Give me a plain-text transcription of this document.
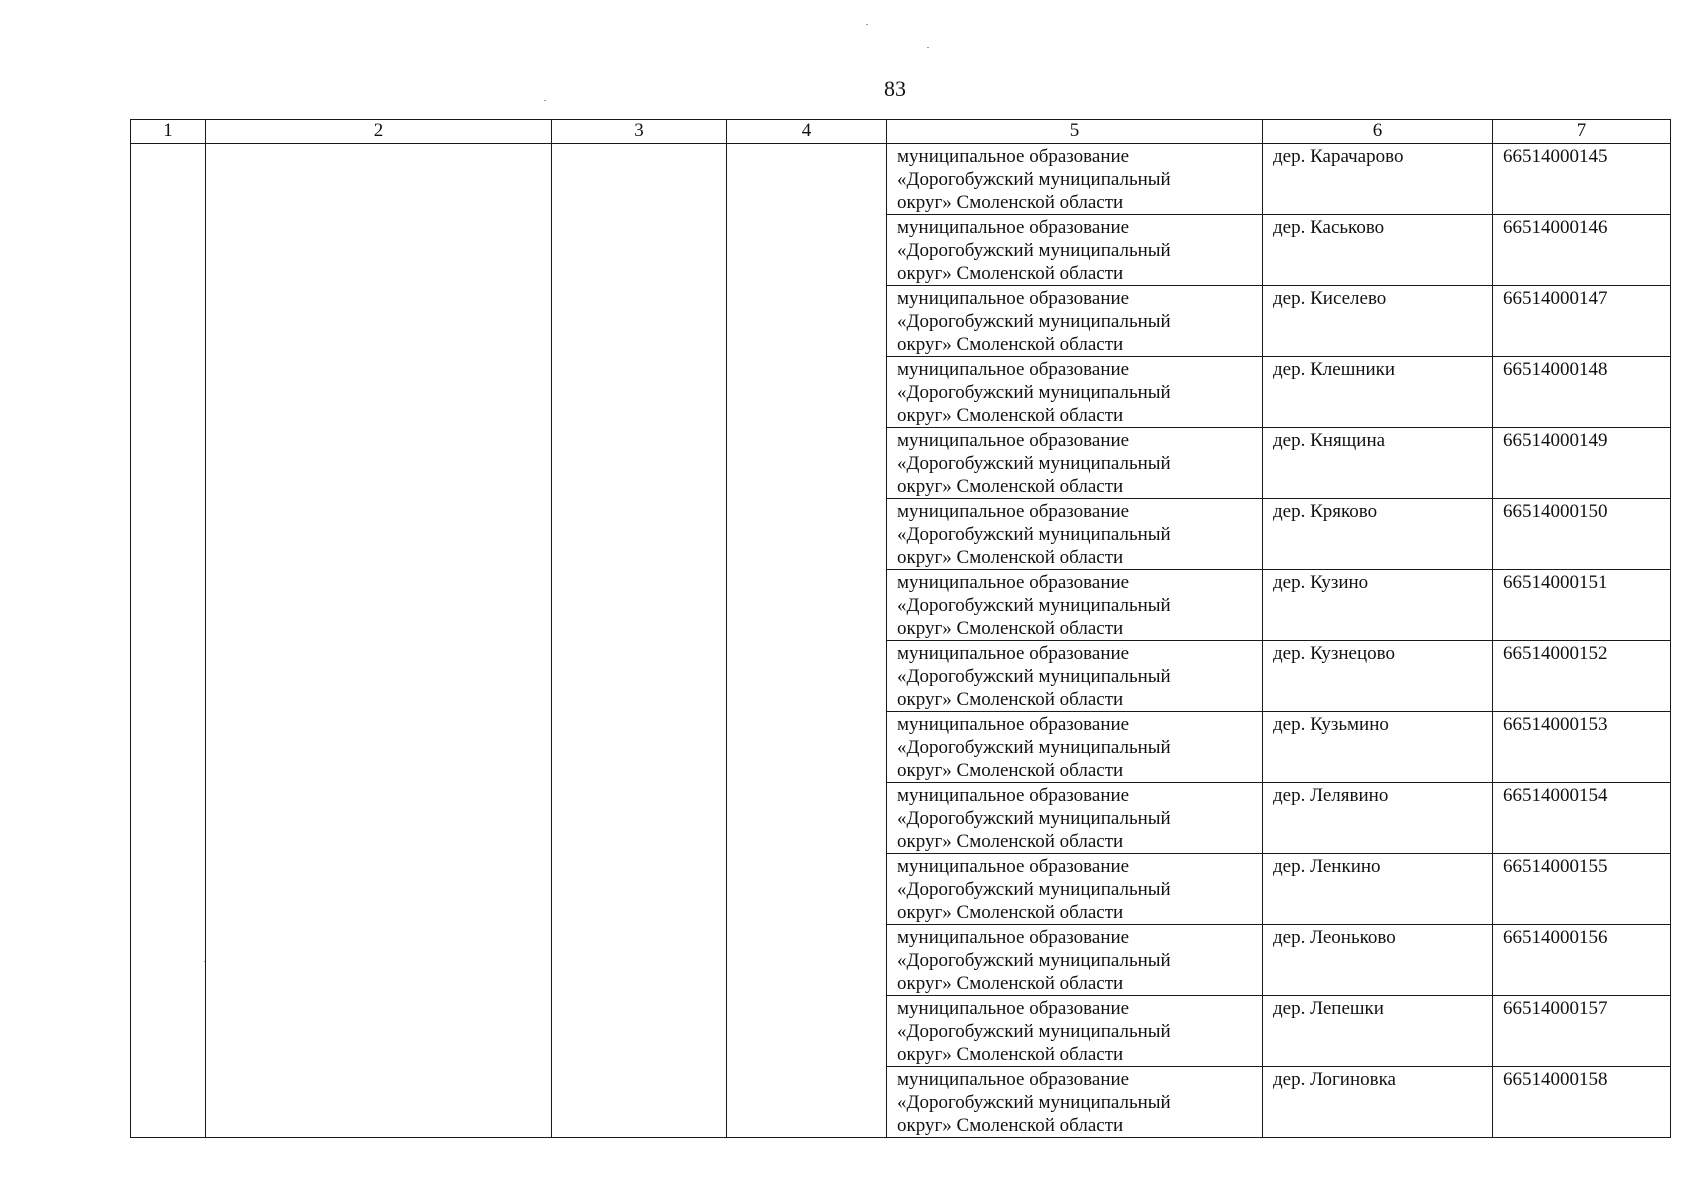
83
1	2	3	4	5	6	7

				муниципальное образование
«Дорогобужский муниципальный
округ» Смоленской области	дер. Карачарово	66514000145

				муниципальное образование
«Дорогобужский муниципальный
округ» Смоленской области	дер. Каськово	66514000146

				муниципальное образование
«Дорогобужский муниципальный
округ» Смоленской области	дер. Киселево	66514000147

				муниципальное образование
«Дорогобужский муниципальный
округ» Смоленской области	дер. Клешники	66514000148

				муниципальное образование
«Дорогобужский муниципальный
округ» Смоленской области	дер. Княщина	66514000149

				муниципальное образование
«Дорогобужский муниципальный
округ» Смоленской области	дер. Кряково	66514000150

				муниципальное образование
«Дорогобужский муниципальный
округ» Смоленской области	дер. Кузино	66514000151

				муниципальное образование
«Дорогобужский муниципальный
округ» Смоленской области	дер. Кузнецово	66514000152

				муниципальное образование
«Дорогобужский муниципальный
округ» Смоленской области	дер. Кузьмино	66514000153

				муниципальное образование
«Дорогобужский муниципальный
округ» Смоленской области	дер. Лелявино	66514000154

				муниципальное образование
«Дорогобужский муниципальный
округ» Смоленской области	дер. Ленкино	66514000155

				муниципальное образование
«Дорогобужский муниципальный
округ» Смоленской области	дер. Леоньково	66514000156

				муниципальное образование
«Дорогобужский муниципальный
округ» Смоленской области	дер. Лепешки	66514000157

				муниципальное образование
«Дорогобужский муниципальный
округ» Смоленской области	дер. Логиновка	66514000158
